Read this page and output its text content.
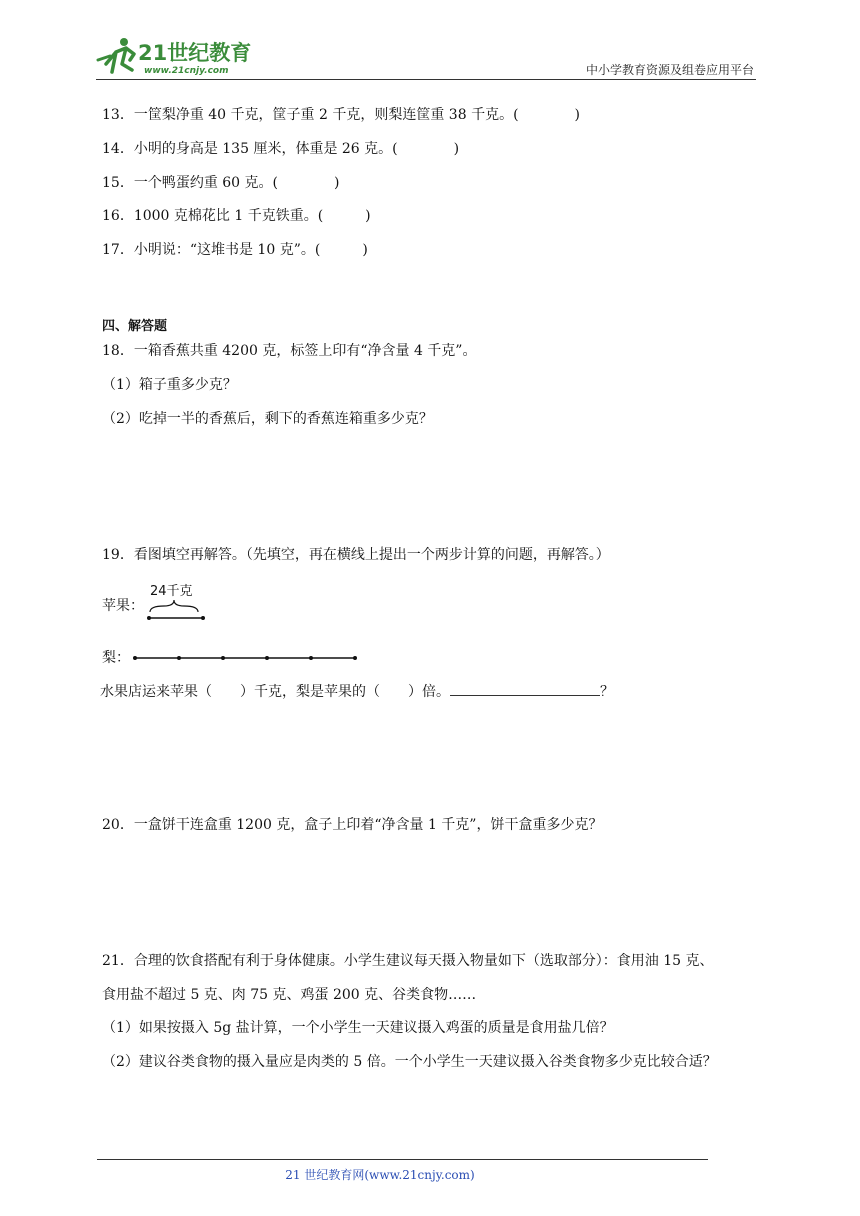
21世纪教育
www.21cnjy.com	中小学教育资源及组卷应用平台
13．一筐梨净重 40 千克，筐子重 2 千克，则梨连筐重 38 千克。(　　　　)
14．小明的身高是 135 厘米，体重是 26 克。(　　　　)
15．一个鸭蛋约重 60 克。(　　　　)
16．1000 克棉花比 1 千克铁重。(　　　)
17．小明说：“这堆书是 10 克”。(　　　)
四、解答题
18．一箱香蕉共重 4200 克，标签上印有“净含量 4 千克”。
（1）箱子重多少克？
（2）吃掉一半的香蕉后，剩下的香蕉连箱重多少克？
19．看图填空再解答。（先填空，再在横线上提出一个两步计算的问题，再解答。）
苹果：
24千克
梨：
水果店运来苹果（　　）千克，梨是苹果的（　　）倍。	？
20．一盒饼干连盒重 1200 克，盒子上印着“净含量 1 千克”，饼干盒重多少克？
21．合理的饮食搭配有利于身体健康。小学生建议每天摄入物量如下（选取部分）：食用油 15 克、
食用盐不超过 5 克、肉 75 克、鸡蛋 200 克、谷类食物……
（1）如果按摄入 5g 盐计算，一个小学生一天建议摄入鸡蛋的质量是食用盐几倍？
（2）建议谷类食物的摄入量应是肉类的 5 倍。一个小学生一天建议摄入谷类食物多少克比较合适？
21 世纪教育网(www.21cnjy.com)
